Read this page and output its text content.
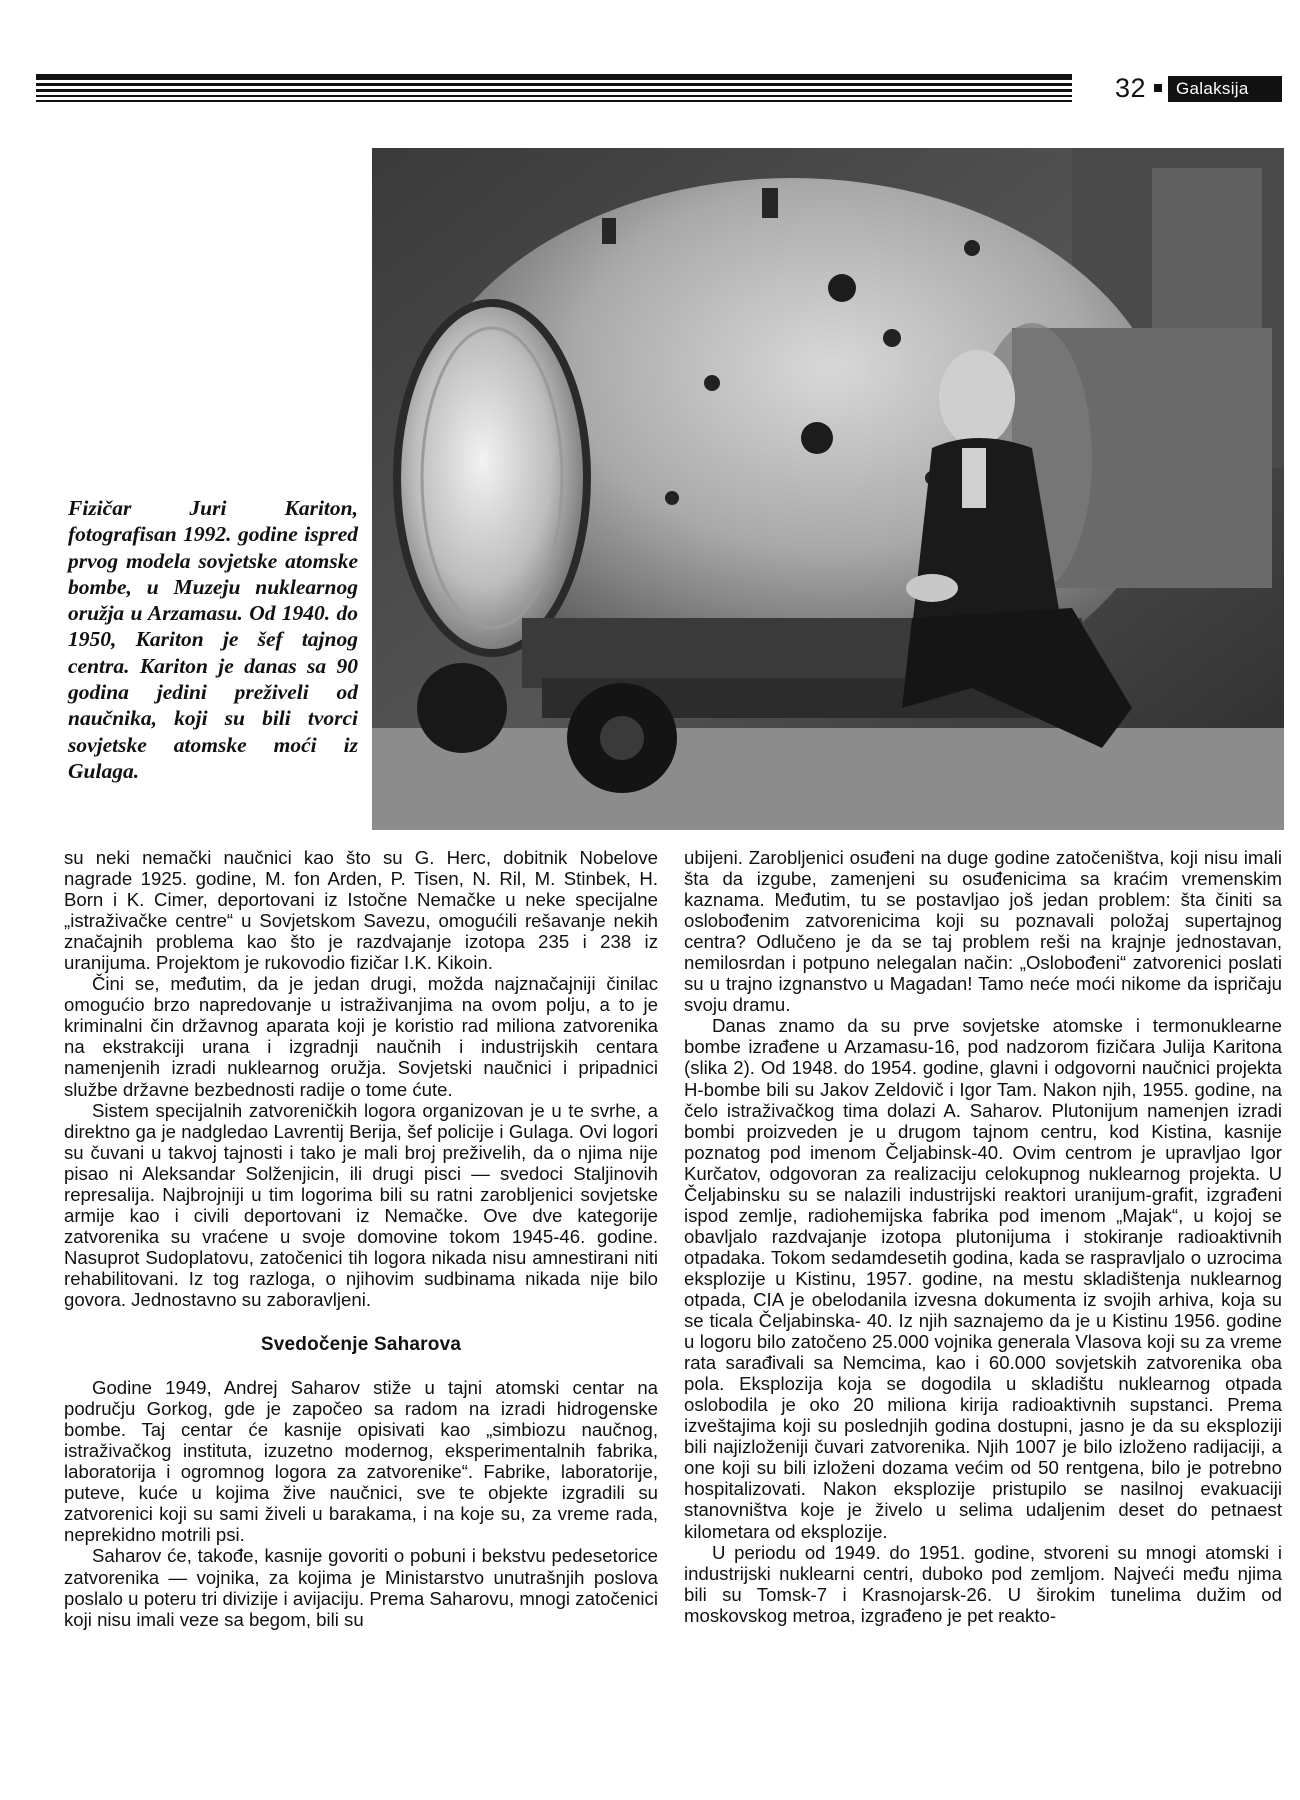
32	Galaksija
Fizičar Juri Kariton, fotografisan 1992. godine ispred prvog modela sovjetske atomske bombe, u Muzeju nuklearnog oružja u Arzamasu. Od 1940. do 1950, Kariton je šef tajnog centra. Kariton je danas sa 90 godina jedini preživeli od naučnika, koji su bili tvorci sovjetske atomske moći iz Gulaga.

su neki nemački naučnici kao što su G. Herc, dobitnik Nobelove nagrade 1925. godine, M. fon Arden, P. Tisen, N. Ril, M. Stinbek, H. Born i K. Cimer, deportovani iz Istočne Nemačke u neke specijalne „istraživačke centre“ u Sovjetskom Savezu, omogućili rešavanje nekih značajnih problema kao što je razdvajanje izotopa 235 i 238 iz uranijuma. Projektom je rukovodio fizičar I.K. Kikoin.

Čini se, međutim, da je jedan drugi, možda najznačajniji činilac omogućio brzo napredovanje u istraživanjima na ovom polju, a to je kriminalni čin državnog aparata koji je koristio rad miliona zatvorenika na ekstrakciji urana i izgradnji naučnih i industrijskih centara namenjenih izradi nuklearnog oružja. Sovjetski naučnici i pripadnici službe državne bezbednosti radije o tome ćute.

Sistem specijalnih zatvoreničkih logora organizovan je u te svrhe, a direktno ga je nadgledao Lavrentij Berija, šef policije i Gulaga. Ovi logori su čuvani u takvoj tajnosti i tako je mali broj preživelih, da o njima nije pisao ni Aleksandar Solženjicin, ili drugi pisci — svedoci Staljinovih represalija. Najbrojniji u tim logorima bili su ratni zarobljenici sovjetske armije kao i civili deportovani iz Nemačke. Ove dve kategorije zatvorenika su vraćene u svoje domovine tokom 1945-46. godine. Nasuprot Sudoplatovu, zatočenici tih logora nikada nisu amnestirani niti rehabilitovani. Iz tog razloga, o njihovim sudbinama nikada nije bilo govora. Jednostavno su zaboravljeni.

Svedočenje Saharova

Godine 1949, Andrej Saharov stiže u tajni atomski centar na području Gorkog, gde je započeo sa radom na izradi hidrogenske bombe. Taj centar će kasnije opisivati kao „simbiozu naučnog, istraživačkog instituta, izuzetno modernog, eksperimentalnih fabrika, laboratorija i ogromnog logora za zatvorenike“. Fabrike, laboratorije, puteve, kuće u kojima žive naučnici, sve te objekte izgradili su zatvorenici koji su sami živeli u barakama, i na koje su, za vreme rada, neprekidno motrili psi.

Saharov će, takođe, kasnije govoriti o pobuni i bekstvu pedesetorice zatvorenika — vojnika, za kojima je Ministarstvo unutrašnjih poslova poslalo u poteru tri divizije i avijaciju. Prema Saharovu, mnogi zatočenici koji nisu imali veze sa begom, bili su

ubijeni. Zarobljenici osuđeni na duge godine zatočeništva, koji nisu imali šta da izgube, zamenjeni su osuđenicima sa kraćim vremenskim kaznama. Međutim, tu se postavljao još jedan problem: šta činiti sa oslobođenim zatvorenicima koji su poznavali položaj supertajnog centra? Odlučeno je da se taj problem reši na krajnje jednostavan, nemilosrdan i potpuno nelegalan način: „Oslobođeni“ zatvorenici poslati su u trajno izgnanstvo u Magadan! Tamo neće moći nikome da ispričaju svoju dramu.

Danas znamo da su prve sovjetske atomske i termonuklearne bombe izrađene u Arzamasu-16, pod nadzorom fizičara Julija Karitona (slika 2). Od 1948. do 1954. godine, glavni i odgovorni naučnici projekta H-bombe bili su Jakov Zeldovič i Igor Tam. Nakon njih, 1955. godine, na čelo istraživačkog tima dolazi A. Saharov. Plutonijum namenjen izradi bombi proizveden je u drugom tajnom centru, kod Kistina, kasnije poznatog pod imenom Čeljabinsk-40. Ovim centrom je upravljao Igor Kurčatov, odgovoran za realizaciju celokupnog nuklearnog projekta. U Čeljabinsku su se nalazili industrijski reaktori uranijum-grafit, izgrađeni ispod zemlje, radiohemijska fabrika pod imenom „Majak“, u kojoj se obavljalo razdvajanje izotopa plutonijuma i stokiranje radioaktivnih otpadaka. Tokom sedamdesetih godina, kada se raspravljalo o uzrocima eksplozije u Kistinu, 1957. godine, na mestu skladištenja nuklearnog otpada, CIA je obelodanila izvesna dokumenta iz svojih arhiva, koja su se ticala Čeljabinska- 40. Iz njih saznajemo da je u Kistinu 1956. godine u logoru bilo zatočeno 25.000 vojnika generala Vlasova koji su za vreme rata sarađivali sa Nemcima, kao i 60.000 sovjetskih zatvorenika oba pola. Eksplozija koja se dogodila u skladištu nuklearnog otpada oslobodila je oko 20 miliona kirija radioaktivnih supstanci. Prema izveštajima koji su poslednjih godina dostupni, jasno je da su eksploziji bili najizloženiji čuvari zatvorenika. Njih 1007 je bilo izloženo radijaciji, a one koji su bili izloženi dozama većim od 50 rentgena, bilo je potrebno hospitalizovati. Nakon eksplozije pristupilo se nasilnoj evakuaciji stanovništva koje je živelo u selima udaljenim deset do petnaest kilometara od eksplozije.

U periodu od 1949. do 1951. godine, stvoreni su mnogi atomski i industrijski nuklearni centri, duboko pod zemljom. Najveći među njima bili su Tomsk-7 i Krasnojarsk-26. U širokim tunelima dužim od moskovskog metroa, izgrađeno je pet reakto-
